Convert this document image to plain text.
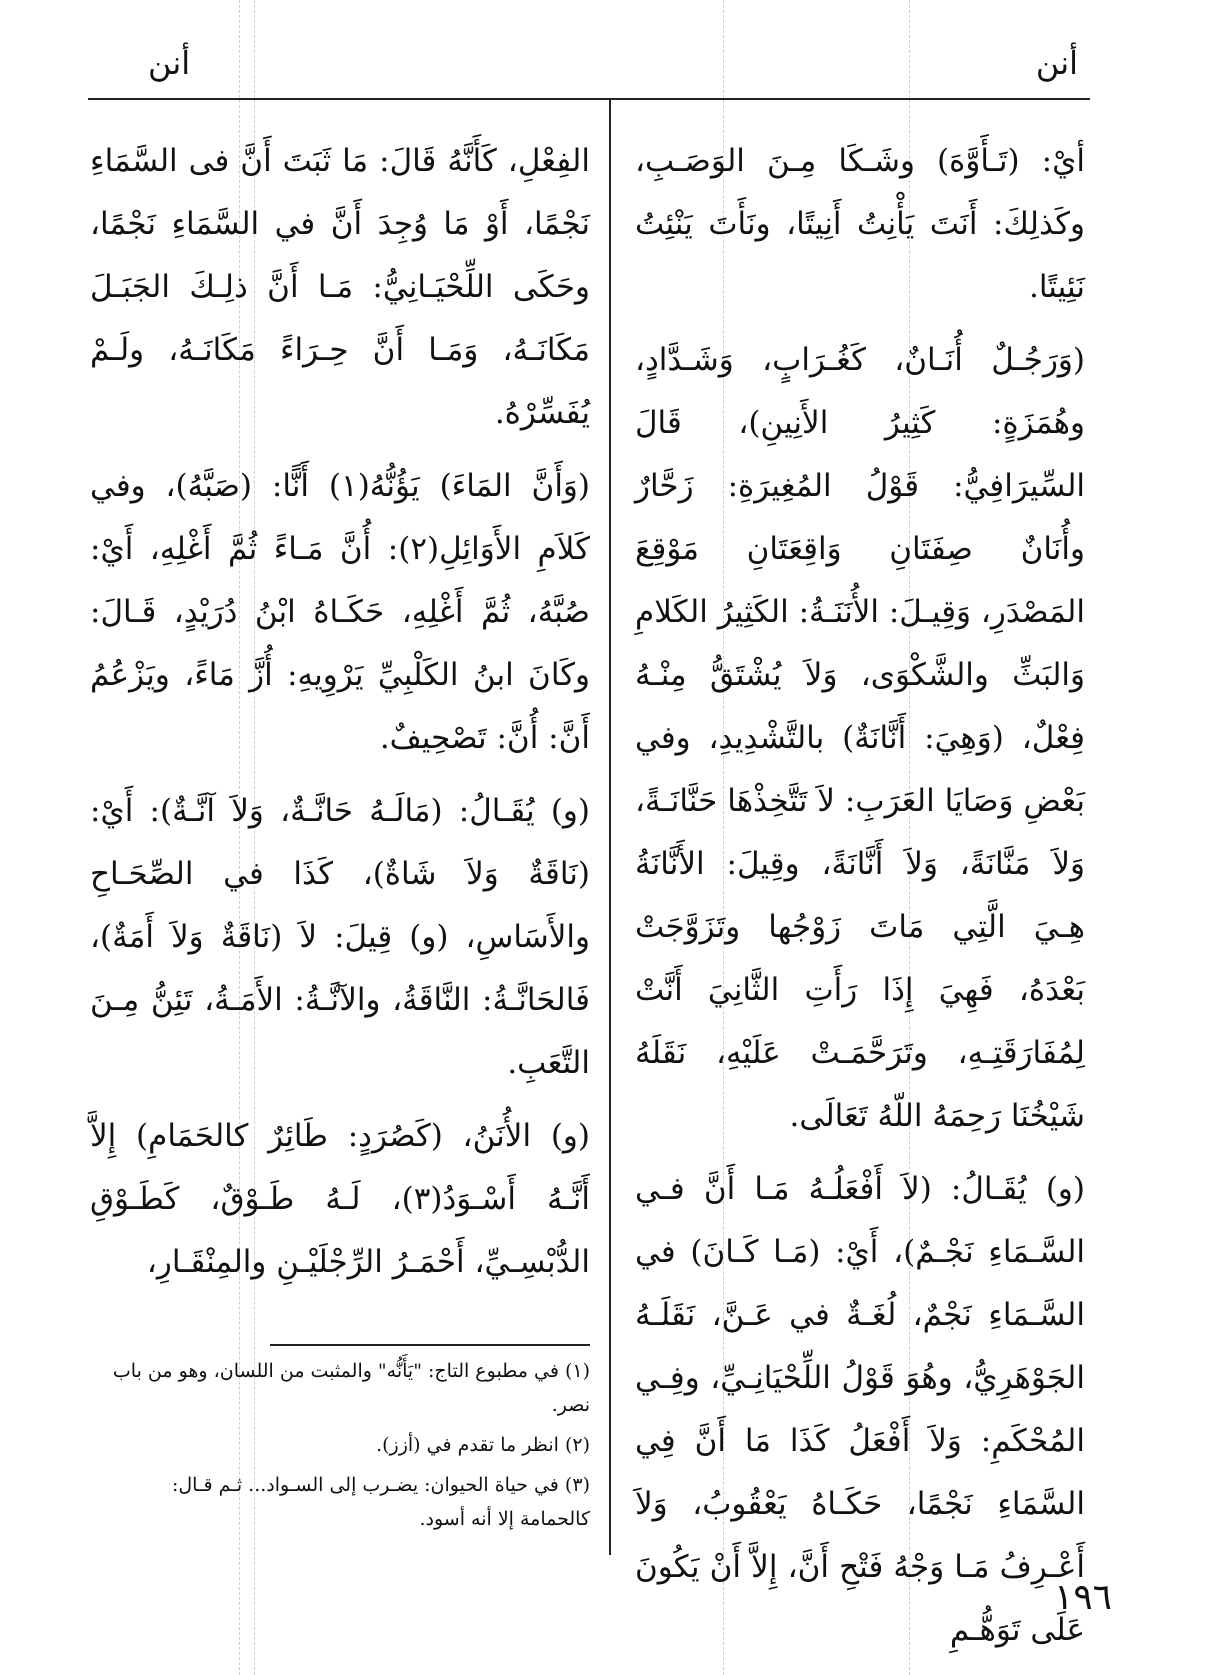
أنن
أنن

أيْ: (تَـأَوَّهَ) وشَـكَا مِـنَ الوَصَـبِ، وكَذلِكَ: أَنَتَ يَأْنِتُ أَنِيتًا، ونَأَتَ يَنْئِتُ نَئِيتًا.

(وَرَجُـلٌ أُنَـانٌ، كَغُـرَابٍ، وَشَـدَّادٍ، وهُمَزَةٍ: كَثِيرُ الأَنِينِ)، قَالَ السِّيرَافِيُّ: قَوْلُ المُغِيرَةِ: زَحَّارٌ وأُنَانٌ صِفَتَانِ وَاقِعَتَانِ مَوْقِعَ المَصْدَرِ، وَقِيـلَ: الأُنَنَـةُ: الكَثِيرُ الكَلامِ وَالبَثِّ والشَّكْوَى، وَلاَ يُشْتَقُّ مِنْـهُ فِعْلٌ، (وَهِيَ: أَنَّانَةٌ) بالتَّشْدِيدِ، وفي بَعْضِ وَصَايَا العَرَبِ: لاَ تَتَّخِذْهَا حَنَّانَـةً، وَلاَ مَنَّانَةً، وَلاَ أَنَّانَةً، وقِيلَ: الأَنَّانَةُ هِـيَ الَّتِي مَاتَ زَوْجُها وتَزَوَّجَتْ بَعْدَهُ، فَهِيَ إِذَا رَأَتِ الثَّانِيَ أَنَّتْ لِمُفَارَقَتِـهِ، وتَرَحَّمَـتْ عَلَيْهِ، نَقَلَهُ شَيْخُنَا رَحِمَهُ اللّهُ تَعَالَى.

(و) يُقَـالُ: (لاَ أَفْعَلُـهُ مَـا أَنَّ فـي السَّـمَاءِ نَجْـمٌ)، أَيْ: (مَـا كَـانَ) في السَّـمَاءِ نَجْمٌ، لُغَـةٌ في عَـنَّ، نَقَلَـهُ الجَوْهَرِيُّ، وهُوَ قَوْلُ اللِّحْيَانِـيِّ، وفِـي المُحْكَمِ: وَلاَ أَفْعَلُ كَذَا مَا أَنَّ فِي السَّمَاءِ نَجْمًا، حَكَـاهُ يَعْقُوبُ، وَلاَ أَعْـرِفُ مَـا وَجْهُ فَتْحِ أَنَّ، إِلاَّ أَنْ يَكُونَ عَلَى تَوَهُّـمِ

الفِعْلِ، كَأَنَّهُ قَالَ: مَا ثَبَتَ أَنَّ فى السَّمَاءِ نَجْمًا، أَوْ مَا وُجِدَ أَنَّ في السَّمَاءِ نَجْمًا، وحَكَى اللِّحْيَـانِيُّ: مَـا أَنَّ ذلِـكَ الجَبَـلَ مَكَانَـهُ، وَمَـا أَنَّ حِـرَاءً مَكَانَـهُ، ولَـمْ يُفَسِّرْهُ.

(وَأَنَّ المَاءَ) يَؤُنُّهُ(١) أَنًّا: (صَبَّهُ)، وفي كَلاَمِ الأَوَائِلِ(٢): أُنَّ مَـاءً ثُمَّ أَغْلِهِ، أَيْ: صُبَّهُ، ثُمَّ أَغْلِهِ، حَكَـاهُ ابْنُ دُرَيْدٍ، قَـالَ: وكَانَ ابنُ الكَلْبِيِّ يَرْوِيهِ: أُزَّ مَاءً، ويَزْعُمُ أَنَّ: أُنَّ: تَصْحِيفٌ.

(و) يُقَـالُ: (مَالَـهُ حَانَّـةٌ، وَلاَ آنَّـةٌ): أَيْ: (نَاقَةٌ وَلاَ شَاةٌ)، كَذَا في الصِّحَـاحِ والأَسَاسِ، (و) قِيلَ: لاَ (نَاقَةٌ وَلاَ أَمَةٌ)، فَالحَانَّـةُ: النَّاقَةُ، والآنَّـةُ: الأَمَـةُ، تَئِنُّ مِـنَ التَّعَبِ.

(و) الأُنَنُ، (كَصُرَدٍ: طَائِرٌ كالحَمَامِ) إِلاَّ أَنَّـهُ أَسْـوَدُ(٣)، لَـهُ طَـوْقٌ، كَطَـوْقِ الدُّبْسِـيِّ، أَحْمَـرُ الرِّجْلَيْـنِ والمِنْقَـارِ،

(١) في مطبوع التاج: "يَأَنُّه" والمثبت من اللسان، وهو من باب نصر.

(٢) انظر ما تقدم في (أزز).

(٣) في حياة الحيوان: يضـرب إلى السـواد... ثـم قـال: كالحمامة إلا أنه أسود.

١٩٦
